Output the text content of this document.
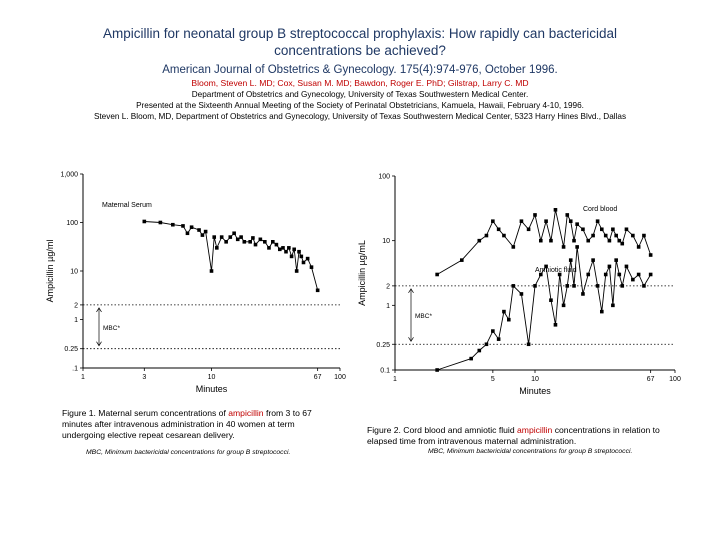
Ampicillin for neonatal group B streptococcal prophylaxis: How rapidly can bactericidal concentrations be achieved?
American Journal of Obstetrics & Gynecology. 175(4):974-976, October 1996.
Bloom, Steven L. MD; Cox, Susan M. MD; Bawdon, Roger E. PhD; Gilstrap, Larry C. MD
Department of Obstetrics and Gynecology, University of Texas Southwestern Medical Center.
Presented at the Sixteenth Annual Meeting of the Society of Perinatal Obstetricians, Kamuela, Hawaii, February 4-10, 1996.
Steven L. Bloom, MD, Department of Obstetrics and Gynecology, University of Texas Southwestern Medical Center, 5323 Harry Hines Blvd., Dallas
.1
0.25
1
2
10
100
1,000
1	3	10	67 100
MBC*
Minutes
Ampicillin µg/ml
Maternal Serum
0.1
0.25
1
2
10
100
1	5	10	67 100
MBC*
Minutes
Ampicillin µg/mL
Cord blood
Amniotic fluid
Figure 1. Maternal serum concentrations of ampicillin from 3 to 67 minutes after intravenous administration in 40 women at term undergoing elective repeat cesarean delivery.
MBC, Minimum bactericidal concentrations for group B streptococci.
Figure 2. Cord blood and amniotic fluid ampicillin concentrations in relation to elapsed time from intravenous maternal administration.
MBC, Minimum bactericidal concentrations for group B streptococci.
